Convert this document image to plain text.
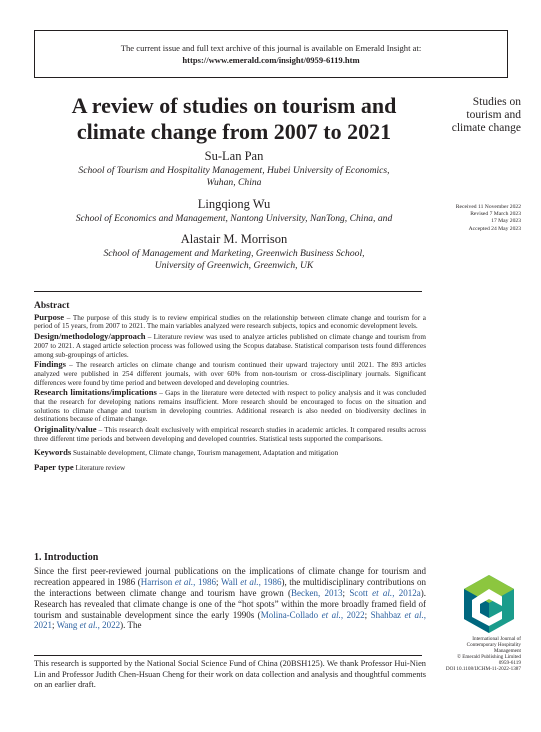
The current issue and full text archive of this journal is available on Emerald Insight at:
https://www.emerald.com/insight/0959-6119.htm
A review of studies on tourism and
climate change from 2007 to 2021
Studies on
tourism and
climate change
Su-Lan Pan
School of Tourism and Hospitality Management, Hubei University of Economics,
Wuhan, China
Lingqiong Wu
School of Economics and Management, Nantong University, NanTong, China, and
Alastair M. Morrison
School of Management and Marketing, Greenwich Business School,
University of Greenwich, Greenwich, UK
Received 11 November 2022
Revised 7 March 2023
17 May 2023
Accepted 24 May 2023
Abstract

Purpose – The purpose of this study is to review empirical studies on the relationship between climate change and tourism for a period of 15 years, from 2007 to 2021. The main variables analyzed were research subjects, topics and economic development levels.

Design/methodology/approach – Literature review was used to analyze articles published on climate change and tourism from 2007 to 2021. A staged article selection process was followed using the Scopus database. Statistical comparison tests found differences among sub-groupings of articles.

Findings – The research articles on climate change and tourism continued their upward trajectory until 2021. The 893 articles analyzed were published in 254 different journals, with over 60% from non-tourism or cross-disciplinary journals. Significant differences were found by time period and between developed and developing countries.

Research limitations/implications – Gaps in the literature were detected with respect to policy analysis and it was concluded that the research for developing nations remains insufficient. More research should be encouraged to focus on the situation and solutions to climate change and tourism in developing countries. Additional research is also needed on biodiversity declines in destinations because of climate change.

Originality/value – This research dealt exclusively with empirical research studies in academic articles. It compared results across three different time periods and between developing and developed countries. Statistical tests supported the comparisons.

Keywords Sustainable development, Climate change, Tourism management, Adaptation and mitigation

Paper type Literature review

1. Introduction

Since the first peer-reviewed journal publications on the implications of climate change for tourism and recreation appeared in 1986 (Harrison et al., 1986; Wall et al., 1986), the multidisciplinary contributions on the interactions between climate change and tourism have grown (Becken, 2013; Scott et al., 2012a). Research has revealed that climate change is one of the “hot spots” within the more broadly framed field of tourism and sustainable development since the early 1990s (Molina-Collado et al., 2022; Shahbaz et al., 2021; Wang et al., 2022). The

This research is supported by the National Social Science Fund of China (20BSH125). We thank Professor Hui-Nien Lin and Professor Judith Chen-Hsuan Cheng for their work on data collection and analysis and thoughtful comments on an earlier draft.
International Journal of
Contemporary Hospitality
Management
© Emerald Publishing Limited
0959-6119
DOI 10.1108/IJCHM-11-2022-1387
